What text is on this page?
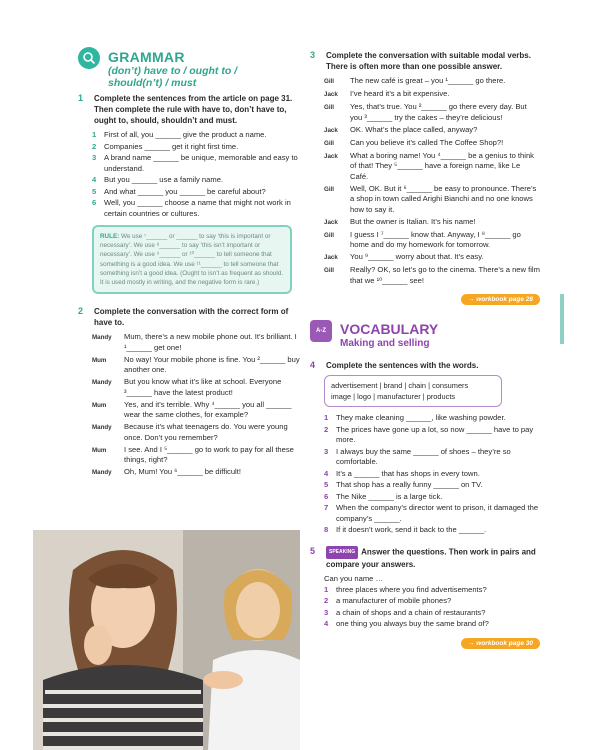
GRAMMAR
(don’t) have to / ought to / should(n’t) / must
1	Complete the sentences from the article on page 31. Then complete the rule with have to, don’t have to, ought to, should, shouldn’t and must.
1 First of all, you ______ give the product a name.
2 Companies ______ get it right first time.
3 A brand name ______ be unique, memorable and easy to understand.
4 But you ______ use a family name.
5 And what ______ you ______ be careful about?
6 Well, you ______ choose a name that might not work in certain countries or cultures.
RULE: We use ⁷______ or ______ to say ‘this is important or necessary’. We use ⁸______ to say ‘this isn’t important or necessary’. We use ⁹______ or ¹⁰______ to tell someone that something is a good idea. We use ¹¹______ to tell someone that something isn’t a good idea. (Ought to isn’t as frequent as should. It is used mostly in writing, and the negative form is rare.)
2	Complete the conversation with the correct form of have to.
Mandy	Mum, there’s a new mobile phone out. It’s brilliant. I ¹______ get one!
Mum	No way! Your mobile phone is fine. You ²______ buy another one.
Mandy	But you know what it’s like at school. Everyone ³______ have the latest product!
Mum	Yes, and it’s terrible. Why ⁴______ you all ______ wear the same clothes, for example?
Mandy	Because it’s what teenagers do. You were young once. Don’t you remember?
Mum	I see. And I ⁵______ go to work to pay for all these things, right?
Mandy	Oh, Mum! You ⁶______ be difficult!
3	Complete the conversation with suitable modal verbs. There is often more than one possible answer.
Gill	The new café is great – you ¹______ go there.
Jack	I’ve heard it’s a bit expensive.
Gill	Yes, that’s true. You ²______ go there every day. But you ³______ try the cakes – they’re delicious!
Jack	OK. What’s the place called, anyway?
Gill	Can you believe it’s called The Coffee Shop?!
Jack	What a boring name! You ⁴______ be a genius to think of that! They ⁵______ have a foreign name, like Le Café.
Gill	Well, OK. But it ⁶______ be easy to pronounce. There’s a shop in town called Arighi Bianchi and no one knows how to say it.
Jack	But the owner is Italian. It’s his name!
Gill	I guess I ⁷______ know that. Anyway, I ⁸______ go home and do my homework for tomorrow.
Jack	You ⁹______ worry about that. It’s easy.
Gill	Really? OK, so let’s go to the cinema. There’s a new film that we ¹⁰______ see!
→ workbook page 28
A-Z	VOCABULARY
Making and selling
4	Complete the sentences with the words.
advertisement | brand | chain | consumers
image | logo | manufacturer | products
1 They make cleaning ______, like washing powder.
2 The prices have gone up a lot, so now ______ have to pay more.
3 I always buy the same ______ of shoes – they’re so comfortable.
4 It’s a ______ that has shops in every town.
5 That shop has a really funny ______ on TV.
6 The Nike ______ is a large tick.
7 When the company’s director went to prison, it damaged the company’s ______.
8 If it doesn’t work, send it back to the ______.
5	SPEAKING Answer the questions. Then work in pairs and compare your answers.
Can you name …
1 three places where you find advertisements?
2 a manufacturer of mobile phones?
3 a chain of shops and a chain of restaurants?
4 one thing you always buy the same brand of?
→ workbook page 30
